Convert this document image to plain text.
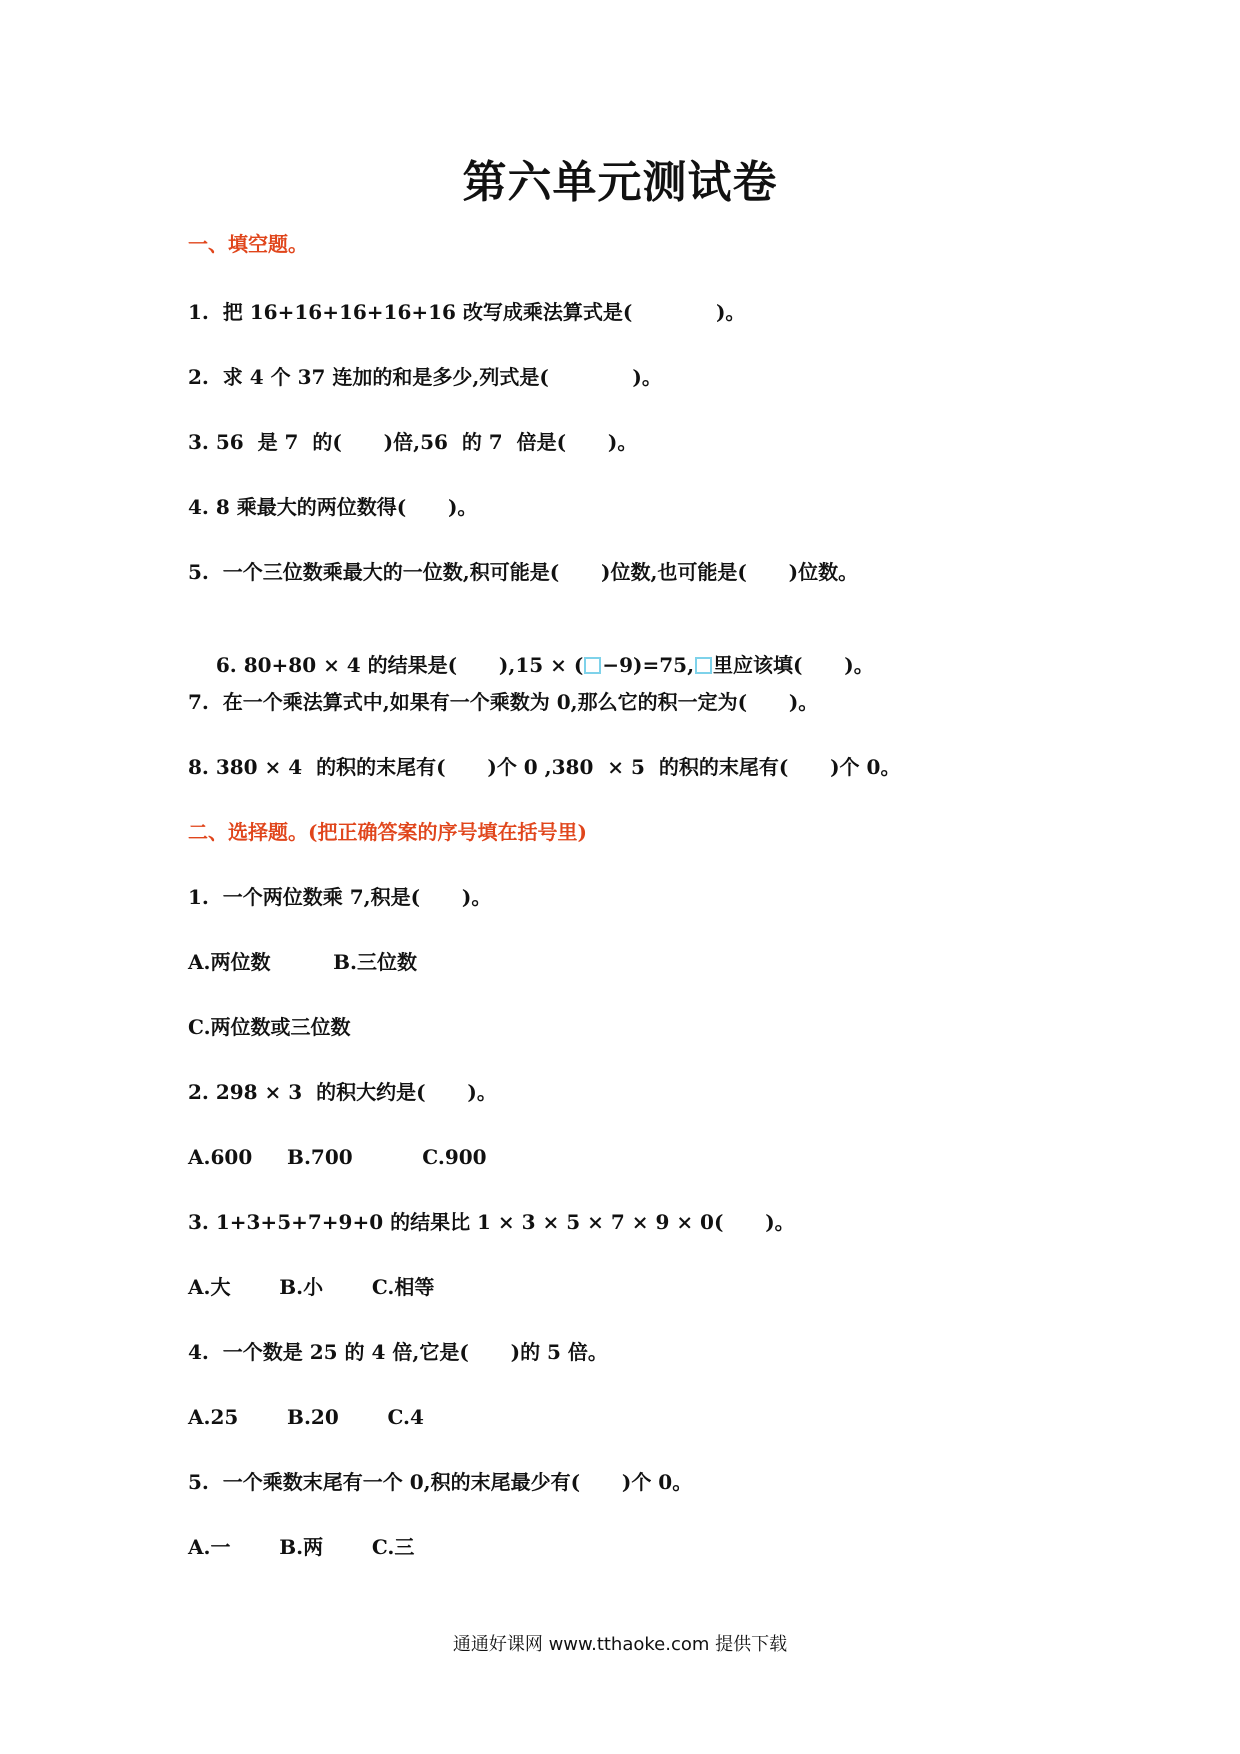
第六单元测试卷
一、填空题。
1.  把 16+16+16+16+16 改写成乘法算式是(            )。
2.  求 4 个 37 连加的和是多少,列式是(            )。
3. 56  是 7  的(      )倍,56  的 7  倍是(      )。
4. 8 乘最大的两位数得(      )。
5.  一个三位数乘最大的一位数,积可能是(      )位数,也可能是(      )位数。

6. 80+80 × 4 的结果是(      ),15 × ( −9)=75, 里应该填(      )。

7.  在一个乘法算式中,如果有一个乘数为 0,那么它的积一定为(      )。
8. 380 × 4  的积的末尾有(      )个 0 ,380  × 5  的积的末尾有(      )个 0。
二、选择题。(把正确答案的序号填在括号里)
1.  一个两位数乘 7,积是(      )。
A.两位数         B.三位数
C.两位数或三位数
2. 298 × 3  的积大约是(      )。
A.600     B.700          C.900
3. 1+3+5+7+9+0 的结果比 1 × 3 × 5 × 7 × 9 × 0(      )。
A.大       B.小       C.相等
4.  一个数是 25 的 4 倍,它是(      )的 5 倍。
A.25       B.20       C.4
5.  一个乘数末尾有一个 0,积的末尾最少有(      )个 0。
A.一       B.两       C.三
通通好课网 www.tthaoke.com 提供下载
